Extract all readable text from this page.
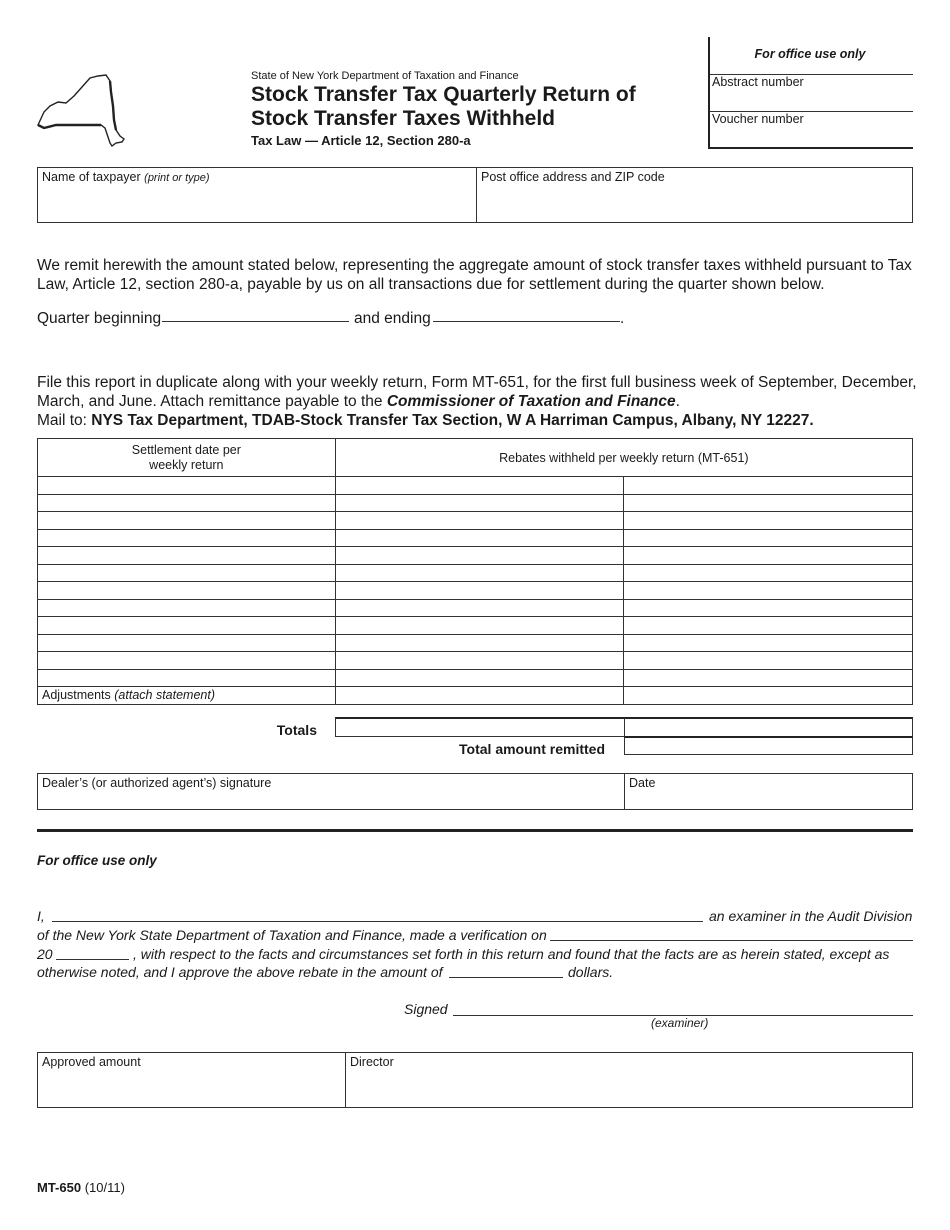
State of New York Department of Taxation and Finance
Stock Transfer Tax Quarterly Return of
Stock Transfer Taxes Withheld
Tax Law — Article 12, Section 280-a
For office use only
Abstract number
Voucher number
Name of taxpayer (print or type)	Post office address and ZIP code
We remit herewith the amount stated below, representing the aggregate amount of stock transfer taxes withheld pursuant to Tax Law, Article 12, section 280-a, payable by us on all transactions due for settlement during the quarter shown below.
Quarter beginning	and ending	.
File this report in duplicate along with your weekly return, Form MT-651, for the first full business week of September, December, March, and June. Attach remittance payable to the Commissioner of Taxation and Finance.
Mail to: NYS Tax Department, TDAB-Stock Transfer Tax Section, W A Harriman Campus, Albany, NY 12227.
Settlement date per
weekly return	Rebates withheld per weekly return (MT-651)	

Adjustments (attach statement)		
Totals
Total amount remitted
Dealer’s (or authorized agent’s) signature	Date
For office use only
I,	an examiner in the Audit Division
of the New York State Department of Taxation and Finance, made a verification on
20	, with respect to the facts and circumstances set forth in this return and found that the facts are as herein stated, except as
otherwise noted, and I approve the above rebate in the amount of	dollars.
Signed
(examiner)
Approved amount	Director
MT-650 (10/11)
